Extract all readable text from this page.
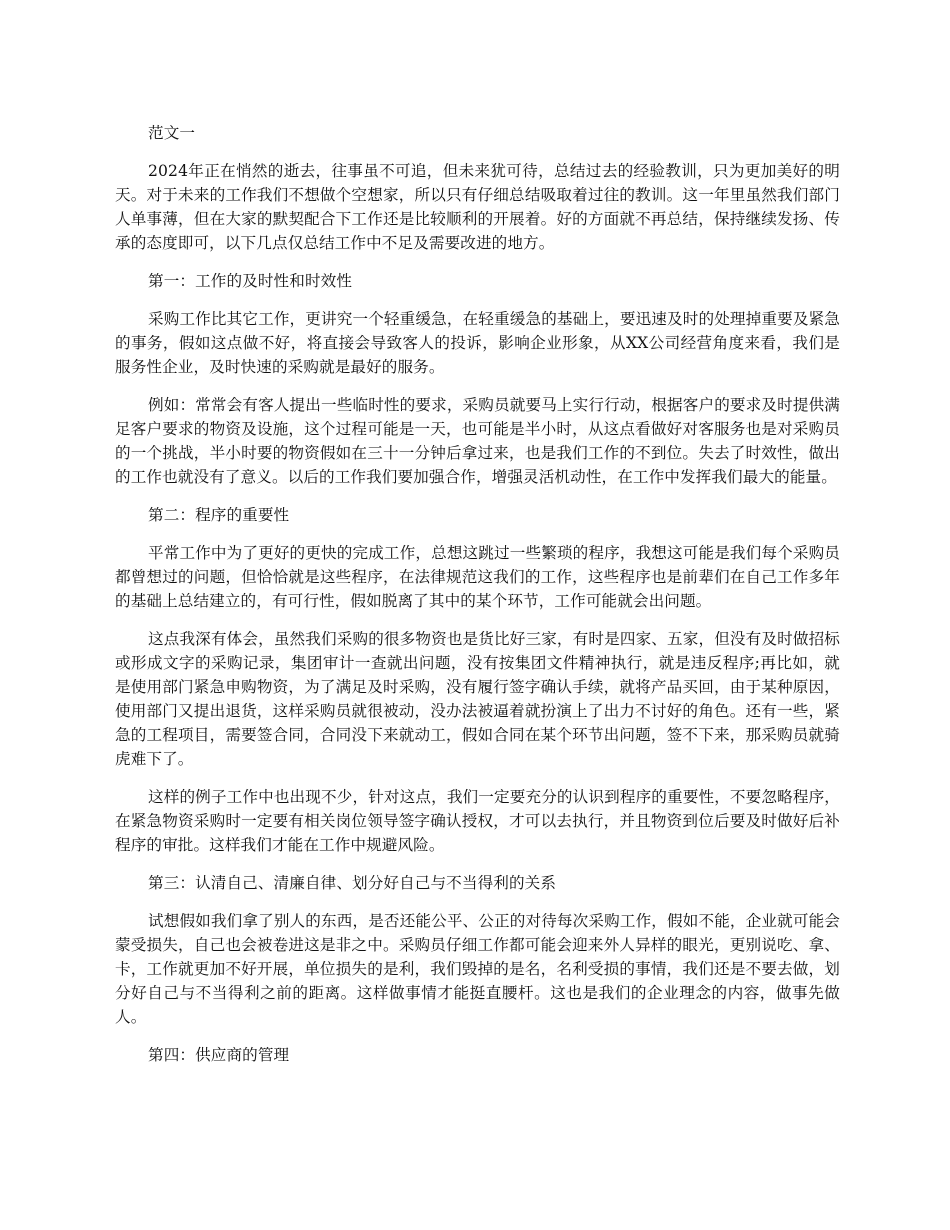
范文一

2024年正在悄然的逝去，往事虽不可追，但未来犹可待，总结过去的经验教训，只为更加美好的明天。对于未来的工作我们不想做个空想家，所以只有仔细总结吸取着过往的教训。这一年里虽然我们部门人单事薄，但在大家的默契配合下工作还是比较顺利的开展着。好的方面就不再总结，保持继续发扬、传承的态度即可，以下几点仅总结工作中不足及需要改进的地方。

第一：工作的及时性和时效性

采购工作比其它工作，更讲究一个轻重缓急，在轻重缓急的基础上，要迅速及时的处理掉重要及紧急的事务，假如这点做不好，将直接会导致客人的投诉，影响企业形象，从XX公司经营角度来看，我们是服务性企业，及时快速的采购就是最好的服务。

例如：常常会有客人提出一些临时性的要求，采购员就要马上实行行动，根据客户的要求及时提供满足客户要求的物资及设施，这个过程可能是一天，也可能是半小时，从这点看做好对客服务也是对采购员的一个挑战，半小时要的物资假如在三十一分钟后拿过来，也是我们工作的不到位。失去了时效性，做出的工作也就没有了意义。以后的工作我们要加强合作，增强灵活机动性，在工作中发挥我们最大的能量。

第二：程序的重要性

平常工作中为了更好的更快的完成工作，总想这跳过一些繁琐的程序，我想这可能是我们每个采购员都曾想过的问题，但恰恰就是这些程序，在法律规范这我们的工作，这些程序也是前辈们在自己工作多年的基础上总结建立的，有可行性，假如脱离了其中的某个环节，工作可能就会出问题。

这点我深有体会，虽然我们采购的很多物资也是货比好三家，有时是四家、五家，但没有及时做招标或形成文字的采购记录，集团审计一查就出问题，没有按集团文件精神执行，就是违反程序;再比如，就是使用部门紧急申购物资，为了满足及时采购，没有履行签字确认手续，就将产品买回，由于某种原因，使用部门又提出退货，这样采购员就很被动，没办法被逼着就扮演上了出力不讨好的角色。还有一些，紧急的工程项目，需要签合同，合同没下来就动工，假如合同在某个环节出问题，签不下来，那采购员就骑虎难下了。

这样的例子工作中也出现不少，针对这点，我们一定要充分的认识到程序的重要性，不要忽略程序，在紧急物资采购时一定要有相关岗位领导签字确认授权，才可以去执行，并且物资到位后要及时做好后补程序的审批。这样我们才能在工作中规避风险。

第三：认清自己、清廉自律、划分好自己与不当得利的关系

试想假如我们拿了别人的东西，是否还能公平、公正的对待每次采购工作，假如不能，企业就可能会蒙受损失，自己也会被卷进这是非之中。采购员仔细工作都可能会迎来外人异样的眼光，更别说吃、拿、卡，工作就更加不好开展，单位损失的是利，我们毁掉的是名，名利受损的事情，我们还是不要去做，划分好自己与不当得利之前的距离。这样做事情才能挺直腰杆。这也是我们的企业理念的内容，做事先做人。

第四：供应商的管理
